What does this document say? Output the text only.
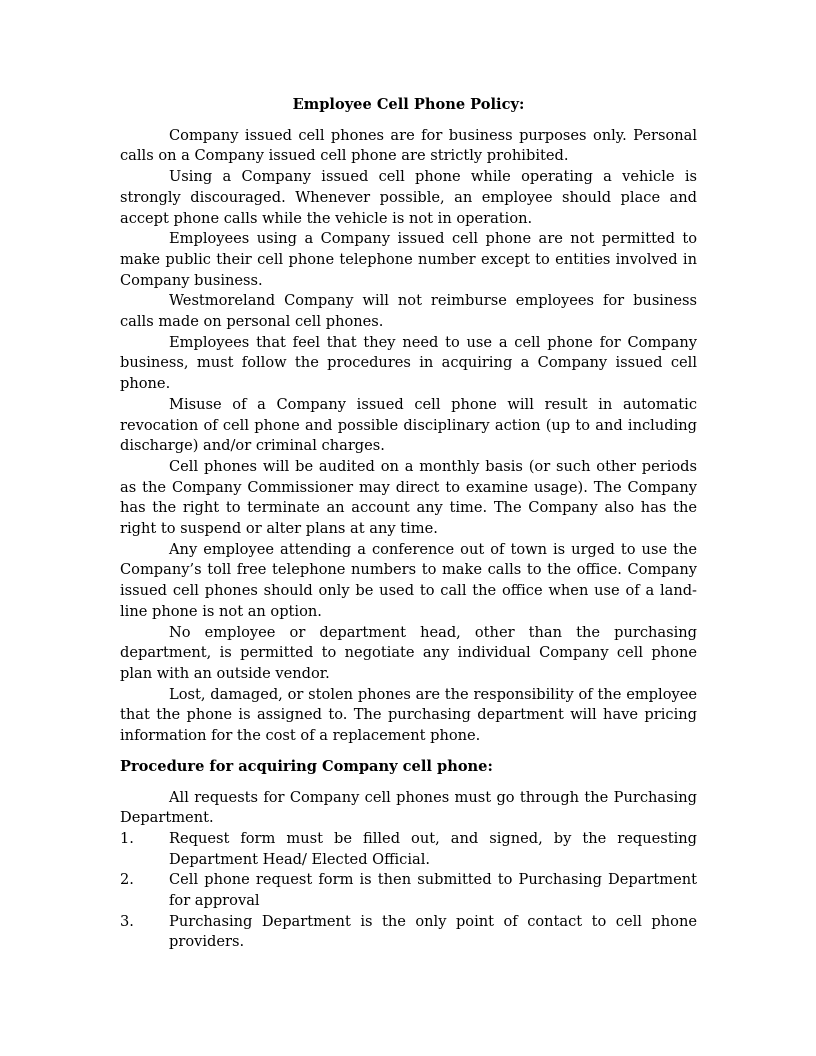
Employee Cell Phone Policy:

Company issued cell phones are for business purposes only. Personal calls on a Company issued cell phone are strictly prohibited.

Using a Company issued cell phone while operating a vehicle is strongly discouraged. Whenever possible, an employee should place and accept phone calls while the vehicle is not in operation.

Employees using a Company issued cell phone are not permitted to make public their cell phone telephone number except to entities involved in Company business.

Westmoreland Company will not reimburse employees for business calls made on personal cell phones.

Employees that feel that they need to use a cell phone for Company business, must follow the procedures in acquiring a Company issued cell phone.

Misuse of a Company issued cell phone will result in automatic revocation of cell phone and possible disciplinary action (up to and including discharge) and/or criminal charges.

Cell phones will be audited on a monthly basis (or such other periods as the Company Commissioner may direct to examine usage). The Company has the right to terminate an account any time. The Company also has the right to suspend or alter plans at any time.

Any employee attending a conference out of town is urged to use the Company’s toll free telephone numbers to make calls to the office. Company issued cell phones should only be used to call the office when use of a land-line phone is not an option.

No employee or department head, other than the purchasing department, is permitted to negotiate any individual Company cell phone plan with an outside vendor.

Lost, damaged, or stolen phones are the responsibility of the employee that the phone is assigned to. The purchasing department will have pricing information for the cost of a replacement phone.

Procedure for acquiring Company cell phone:

All requests for Company cell phones must go through the Purchasing Department.

1.	Request form must be filled out, and signed, by the requesting Department Head/ Elected Official.
2.	Cell phone request form is then submitted to Purchasing Department for approval
3.	Purchasing Department is the only point of contact to cell phone providers.
